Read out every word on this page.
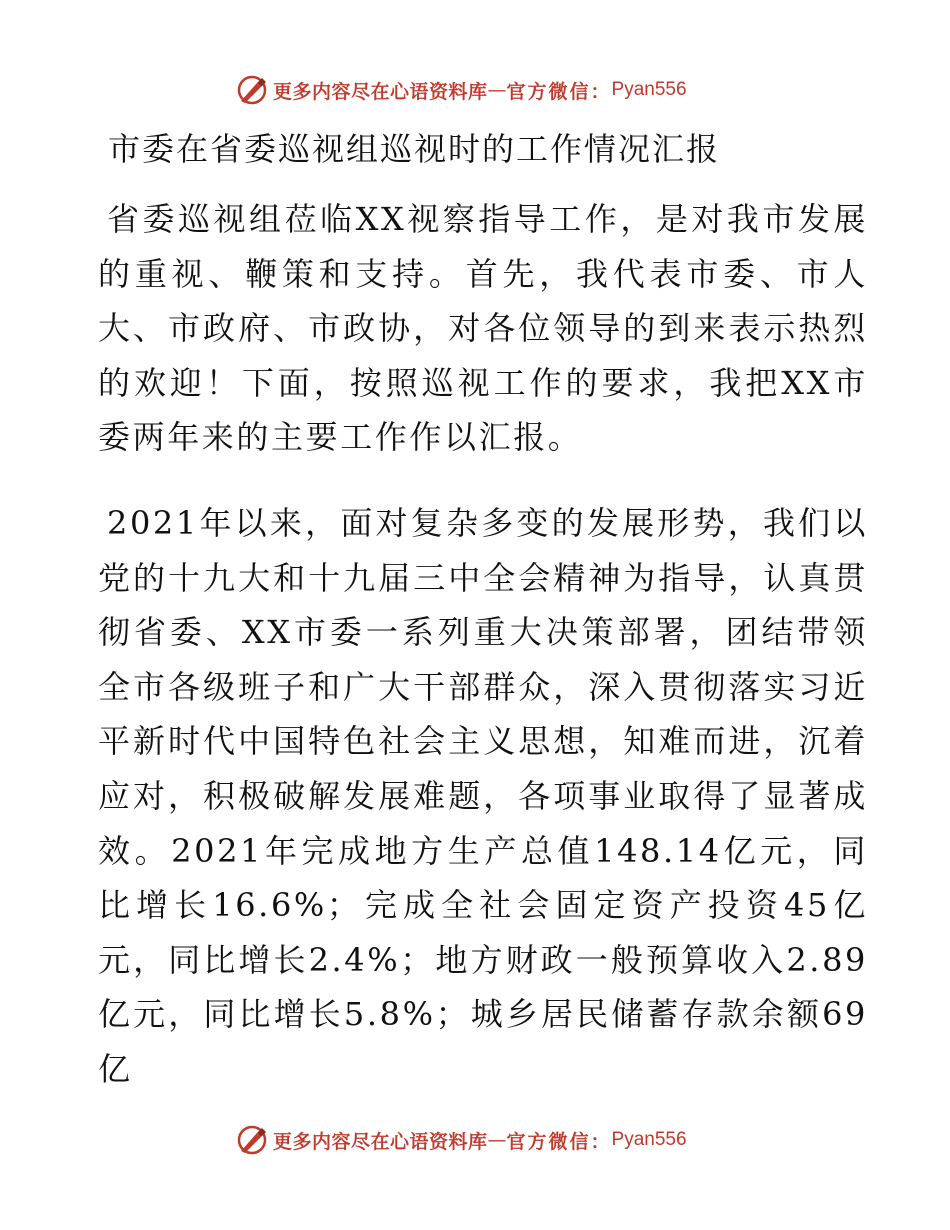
更多内容尽在心语资料库 — 官方微信： Pyan556
市委在省委巡视组巡视时的工作情况汇报

省委巡视组莅临XX视察指导工作，是对我市发展的重视、鞭策和支持。首先，我代表市委、市人大、市政府、市政协，对各位领导的到来表示热烈的欢迎！下面，按照巡视工作的要求，我把XX市委两年来的主要工作作以汇报。

2021年以来，面对复杂多变的发展形势，我们以党的十九大和十九届三中全会精神为指导，认真贯彻省委、XX市委一系列重大决策部署，团结带领全市各级班子和广大干部群众，深入贯彻落实习近平新时代中国特色社会主义思想，知难而进，沉着应对，积极破解发展难题，各项事业取得了显著成效。2021年完成地方生产总值148.14亿元，同比增长16.6%；完成全社会固定资产投资45亿元，同比增长2.4%；地方财政一般预算收入2.89亿元，同比增长5.8%；城乡居民储蓄存款余额69亿

更多内容尽在心语资料库 — 官方微信： Pyan556
